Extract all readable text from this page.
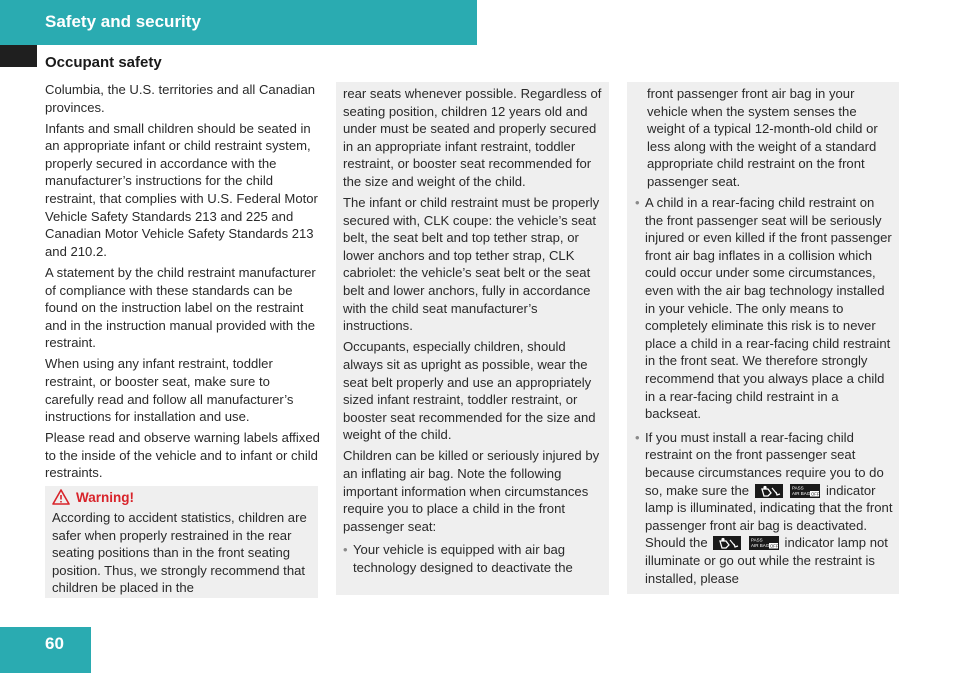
Safety and security
Occupant safety

Columbia, the U.S. territories and all Canadian provinces.

Infants and small children should be seated in an appropriate infant or child restraint system, properly secured in accordance with the manufacturer’s instructions for the child restraint, that complies with U.S. Federal Motor Vehicle Safety Standards 213 and 225 and Canadian Motor Vehicle Safety Standards 213 and 210.2.

A statement by the child restraint manufacturer of compliance with these standards can be found on the instruction label on the restraint and in the instruction manual provided with the restraint.

When using any infant restraint, toddler restraint, or booster seat, make sure to carefully read and follow all manufacturer’s instructions for installation and use.

Please read and observe warning labels affixed to the inside of the vehicle and to infant or child restraints.

Warning!
According to accident statistics, children are safer when properly restrained in the rear seating positions than in the front seating position. Thus, we strongly recommend that children be placed in the

rear seats whenever possible. Regardless of seating position, children 12 years old and under must be seated and properly secured in an appropriate infant restraint, toddler restraint, or booster seat recommended for the size and weight of the child.

The infant or child restraint must be properly secured with, CLK coupe: the vehicle’s seat belt, the seat belt and top tether strap, or lower anchors and top tether strap, CLK cabriolet: the vehicle’s seat belt or the seat belt and lower anchors, fully in accordance with the child seat manufacturer’s instructions.

Occupants, especially children, should always sit as upright as possible, wear the seat belt properly and use an appropriately sized infant restraint, toddler restraint, or booster seat recommended for the size and weight of the child.

Children can be killed or seriously injured by an inflating air bag. Note the following important information when circumstances require you to place a child in the front passenger seat:

• Your vehicle is equipped with air bag technology designed to deactivate the

front passenger front air bag in your vehicle when the system senses the weight of a typical 12-month-old child or less along with the weight of a standard appropriate child restraint on the front passenger seat.

• A child in a rear-facing child restraint on the front passenger seat will be seriously injured or even killed if the front passenger front air bag inflates in a collision which could occur under some circumstances, even with the air bag technology installed in your vehicle. The only means to completely eliminate this risk is to never place a child in a rear-facing child restraint in the front seat. We therefore strongly recommend that you always place a child in a rear-facing child restraint in a backseat.
• If you must install a rear-facing child restraint on the front passenger seat because circumstances require you to do so, make sure the	PASS
AIR BAG OFF indicator lamp is illuminated, indicating that the front passenger front air bag is deactivated. Should the	PASS
AIR BAG OFF indicator lamp not illuminate or go out while the restraint is installed, please
60
